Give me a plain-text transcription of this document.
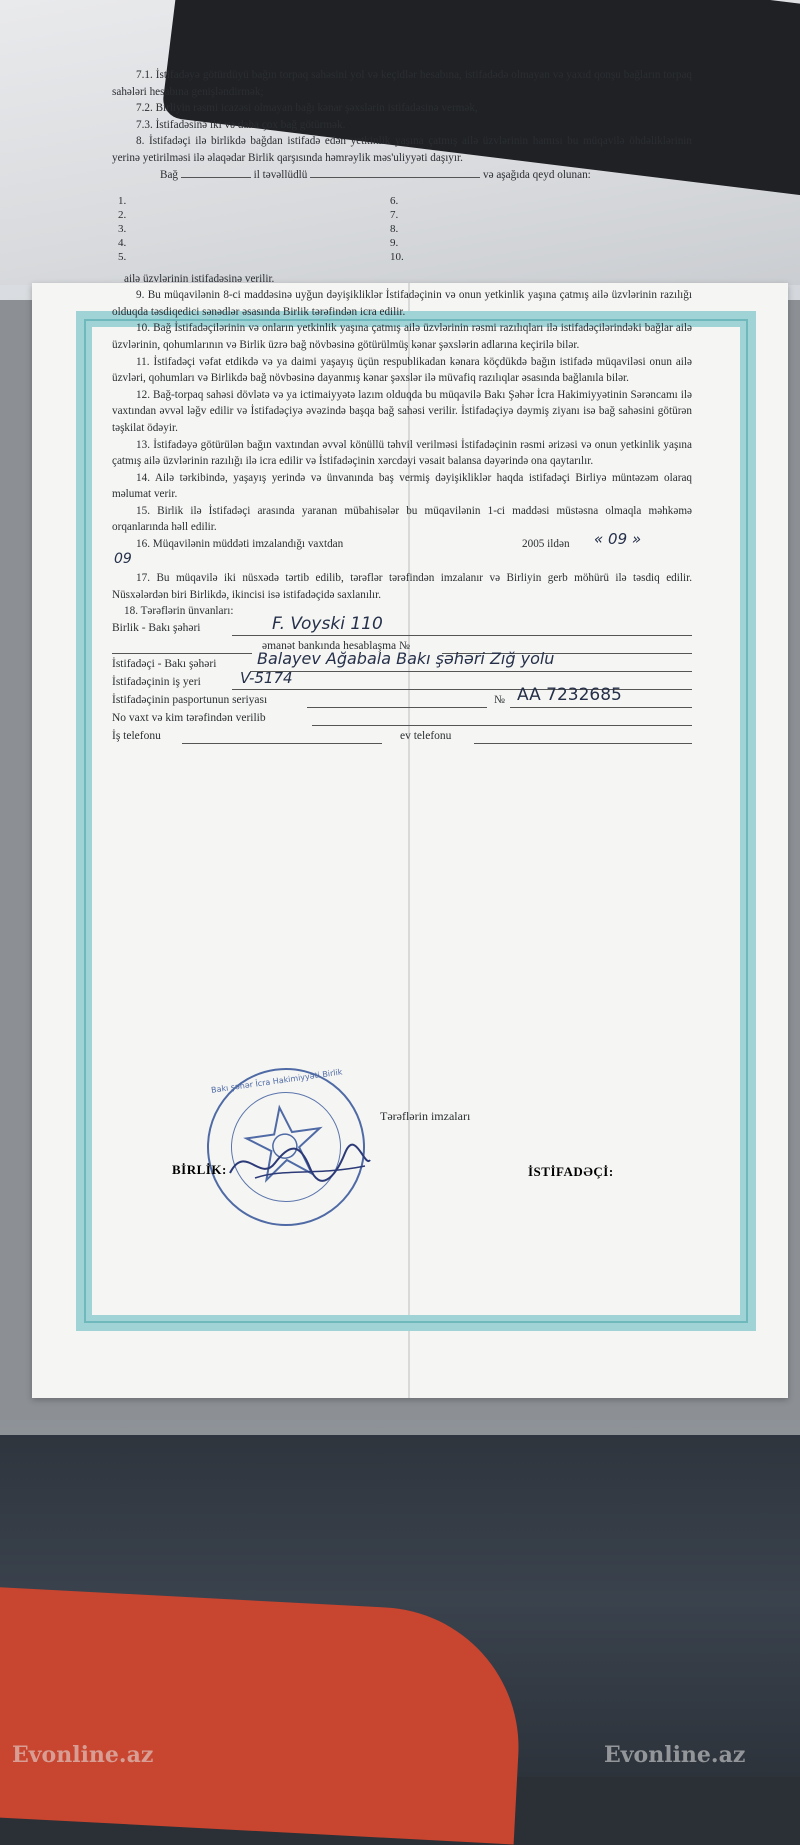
7.1. İstifadəyə götürdüyü bağın torpaq sahəsini yol və keçidlər hesabına, istifadədə olmayan və yaxıd qonşu bağların torpaq sahələri hesabına genişləndirmək;

7.2. Birliyin rəsmi icazəsi olmayan bağı kənar şəxslərin istifadəsinə vermək,

7.3. İstifadəsinə iki və daha çox bağ götürmək.

8. İstifadəçi ilə birlikdə bağdan istifadə edən yetkinlik yaşına çatmış ailə üzvlərinin hamısı bu müqavilə öhdəliklərinin yerinə yetirilməsi ilə əlaqədar Birlik qarşısında həmrəylik məs'uliyyəti daşıyır.

Bağ	il təvəllüdlü	və aşağıda qeyd olunan:
1.
2.
3.
4.
5.
6.
7.
8.
9.
10.
ailə üzvlərinin istifadəsinə verilir.

9. Bu müqavilənin 8-ci maddəsinə uyğun dəyişikliklər İstifadəçinin və onun yetkinlik yaşına çatmış ailə üzvlərinin razılığı olduqda təsdiqedici sənədlər əsasında Birlik tərəfindən icra edilir.

10. Bağ İstifadəçilərinin və onların yetkinlik yaşına çatmış ailə üzvlərinin rəsmi razılıqları ilə istifadəçilərindəki bağlar ailə üzvlərinin, qohumlarının və Birlik üzrə bağ növbəsinə götürülmüş kənar şəxslərin adlarına keçirilə bilər.

11. İstifadəçi vəfat etdikdə və ya daimi yaşayış üçün respublikadan kənara köçdükdə bağın istifadə müqaviləsi onun ailə üzvləri, qohumları və Birlikdə bağ növbəsinə dayanmış kənar şəxslər ilə müvafiq razılıqlar əsasında bağlanıla bilər.

12. Bağ-torpaq sahəsi dövlətə və ya ictimaiyyətə lazım olduqda bu müqavilə Bakı Şəhər İcra Hakimiyyətinin Sərəncamı ilə vaxtından əvvəl ləğv edilir və İstifadəçiyə əvəzində başqa bağ sahəsi verilir. İstifadəçiyə dəymiş ziyanı isə bağ sahəsini götürən təşkilat ödəyir.

13. İstifadəyə götürülən bağın vaxtından əvvəl könüllü təhvil verilməsi İstifadəçinin rəsmi ərizəsi və onun yetkinlik yaşına çatmış ailə üzvlərinin razılığı ilə icra edilir və İstifadəçinin xərcdəyi vəsait balansa dəyərində ona qaytarılır.

14. Ailə tərkibində, yaşayış yerində və ünvanında baş vermiş dəyişikliklər haqda istifadəçi Birliyə müntəzəm olaraq məlumat verir.

15. Birlik ilə İstifadəçi arasında yaranan mübahisələr bu müqavilənin 1-ci maddəsi müstəsna olmaqla məhkəmə orqanlarında həll edilir.

16. Müqavilənin müddəti imzalandığı vaxtdan	2005 ildən « 09 »
09

17. Bu müqavilə iki nüsxədə tərtib edilib, tərəflər tərəfindən imzalanır və Birliyin gerb möhürü ilə təsdiq edilir. Nüsxələrdən biri Birlikdə, ikincisi isə istifadəçidə saxlanılır.

18. Tərəflərin ünvanları:
Birlik - Bakı şəhəri	F. Voyski 110
əmanət bankında hesablaşma №
İstifadəçi - Bakı şəhəri	Balayev Ağabala Bakı şəhəri Zığ yolu
İstifadəçinin iş yeri	V-5174
İstifadəçinin pasportunun seriyası	№ AA 7232685
No vaxt və kim tərəfindən verilib
İş telefonu	ev telefonu
Tərəflərin imzaları
Bakı şəhər İcra Hakimiyyəti Birlik
BİRLİK:	İSTİFADƏÇİ:
Evonline.az	Evonline.az
